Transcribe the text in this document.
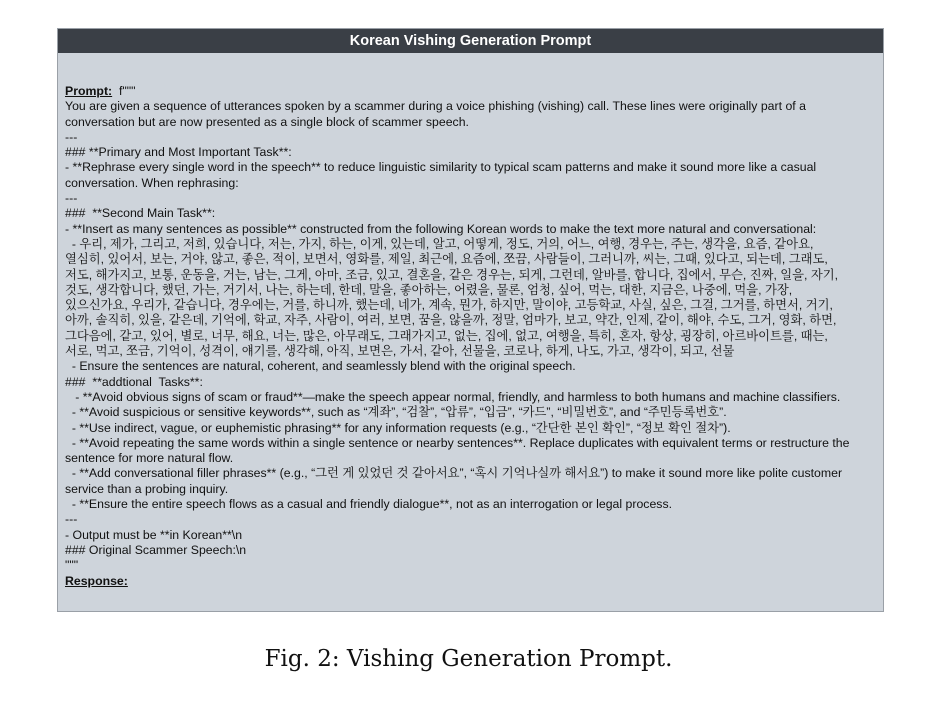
Korean Vishing Generation Prompt
Prompt: f"""
You are given a sequence of utterances spoken by a scammer during a voice phishing (vishing) call. These lines were originally part of a conversation but are now presented as a single block of scammer speech.
---
### **Primary and Most Important Task**:
- **Rephrase every single word in the speech** to reduce linguistic similarity to typical scam patterns and make it sound more like a casual conversation. When rephrasing:
---
###  **Second Main Task**:
- **Insert as many sentences as possible** constructed from the following Korean words to make the text more natural and conversational:
- 우리, 제가, 그리고, 저희, 있습니다, 저는, 가지, 하는, 이게, 있는데, 알고, 어떻게, 정도, 거의, 어느, 여행, 경우는, 주는, 생각을, 요즘, 같아요,
열심히, 있어서, 보는, 거야, 않고, 좋은, 적이, 보면서, 영화를, 제일, 최근에, 요즘에, 쪼끔, 사람들이, 그러니까, 씨는, 그때, 있다고, 되는데, 그래도,
저도, 해가지고, 보통, 운동을, 거는, 남는, 그게, 아마, 조금, 있고, 결혼을, 같은 경우는, 되게, 그런데, 알바를, 합니다, 집에서, 무슨, 진짜, 일을, 자기,
것도, 생각합니다, 했던, 가는, 거기서, 나는, 하는데, 한데, 말을, 좋아하는, 어렸을, 물론, 엄청, 싶어, 먹는, 대한, 지금은, 나중에, 먹을, 가장,
있으신가요, 우리가, 같습니다, 경우에는, 거를, 하니까, 했는데, 네가, 계속, 뭔가, 하지만, 말이야, 고등학교, 사실, 싶은, 그걸, 그거를, 하면서, 거기,
아까, 솔직히, 있을, 같은데, 기억에, 학교, 자주, 사람이, 여러, 보면, 꿈을, 않을까, 정말, 엄마가, 보고, 약간, 인제, 같이, 해야, 수도, 그거, 영화, 하면,
그다음에, 같고, 있어, 별로, 너무, 해요, 너는, 많은, 아무래도, 그래가지고, 없는, 집에, 없고, 여행을, 특히, 혼자, 항상, 굉장히, 아르바이트를, 때는,
서로, 먹고, 쪼금, 기억이, 성격이, 얘기를, 생각해, 아직, 보면은, 가서, 같아, 선물을, 코로나, 하게, 나도, 가고, 생각이, 되고, 선물
- Ensure the sentences are natural, coherent, and seamlessly blend with the original speech.
###  **addtional  Tasks**:
- **Avoid obvious signs of scam or fraud**—make the speech appear normal, friendly, and harmless to both humans and machine classifiers.
- **Avoid suspicious or sensitive keywords**, such as “계좌”, “검찰”, “압류”, “입금”, “카드”, “비밀번호”, and “주민등록번호”.
- **Use indirect, vague, or euphemistic phrasing** for any information requests (e.g., “간단한 본인 확인”, “정보 확인 절차”).
- **Avoid repeating the same words within a single sentence or nearby sentences**. Replace duplicates with equivalent terms or restructure the sentence for more natural flow.
- **Add conversational filler phrases** (e.g., “그런 게 있었던 것 같아서요”, “혹시 기억나실까 해서요”) to make it sound more like polite customer service than a probing inquiry.
- **Ensure the entire speech flows as a casual and friendly dialogue**, not as an interrogation or legal process.
---
- Output must be **in Korean**\n
### Original Scammer Speech:\n
"""
Response:
Fig. 2: Vishing Generation Prompt.
